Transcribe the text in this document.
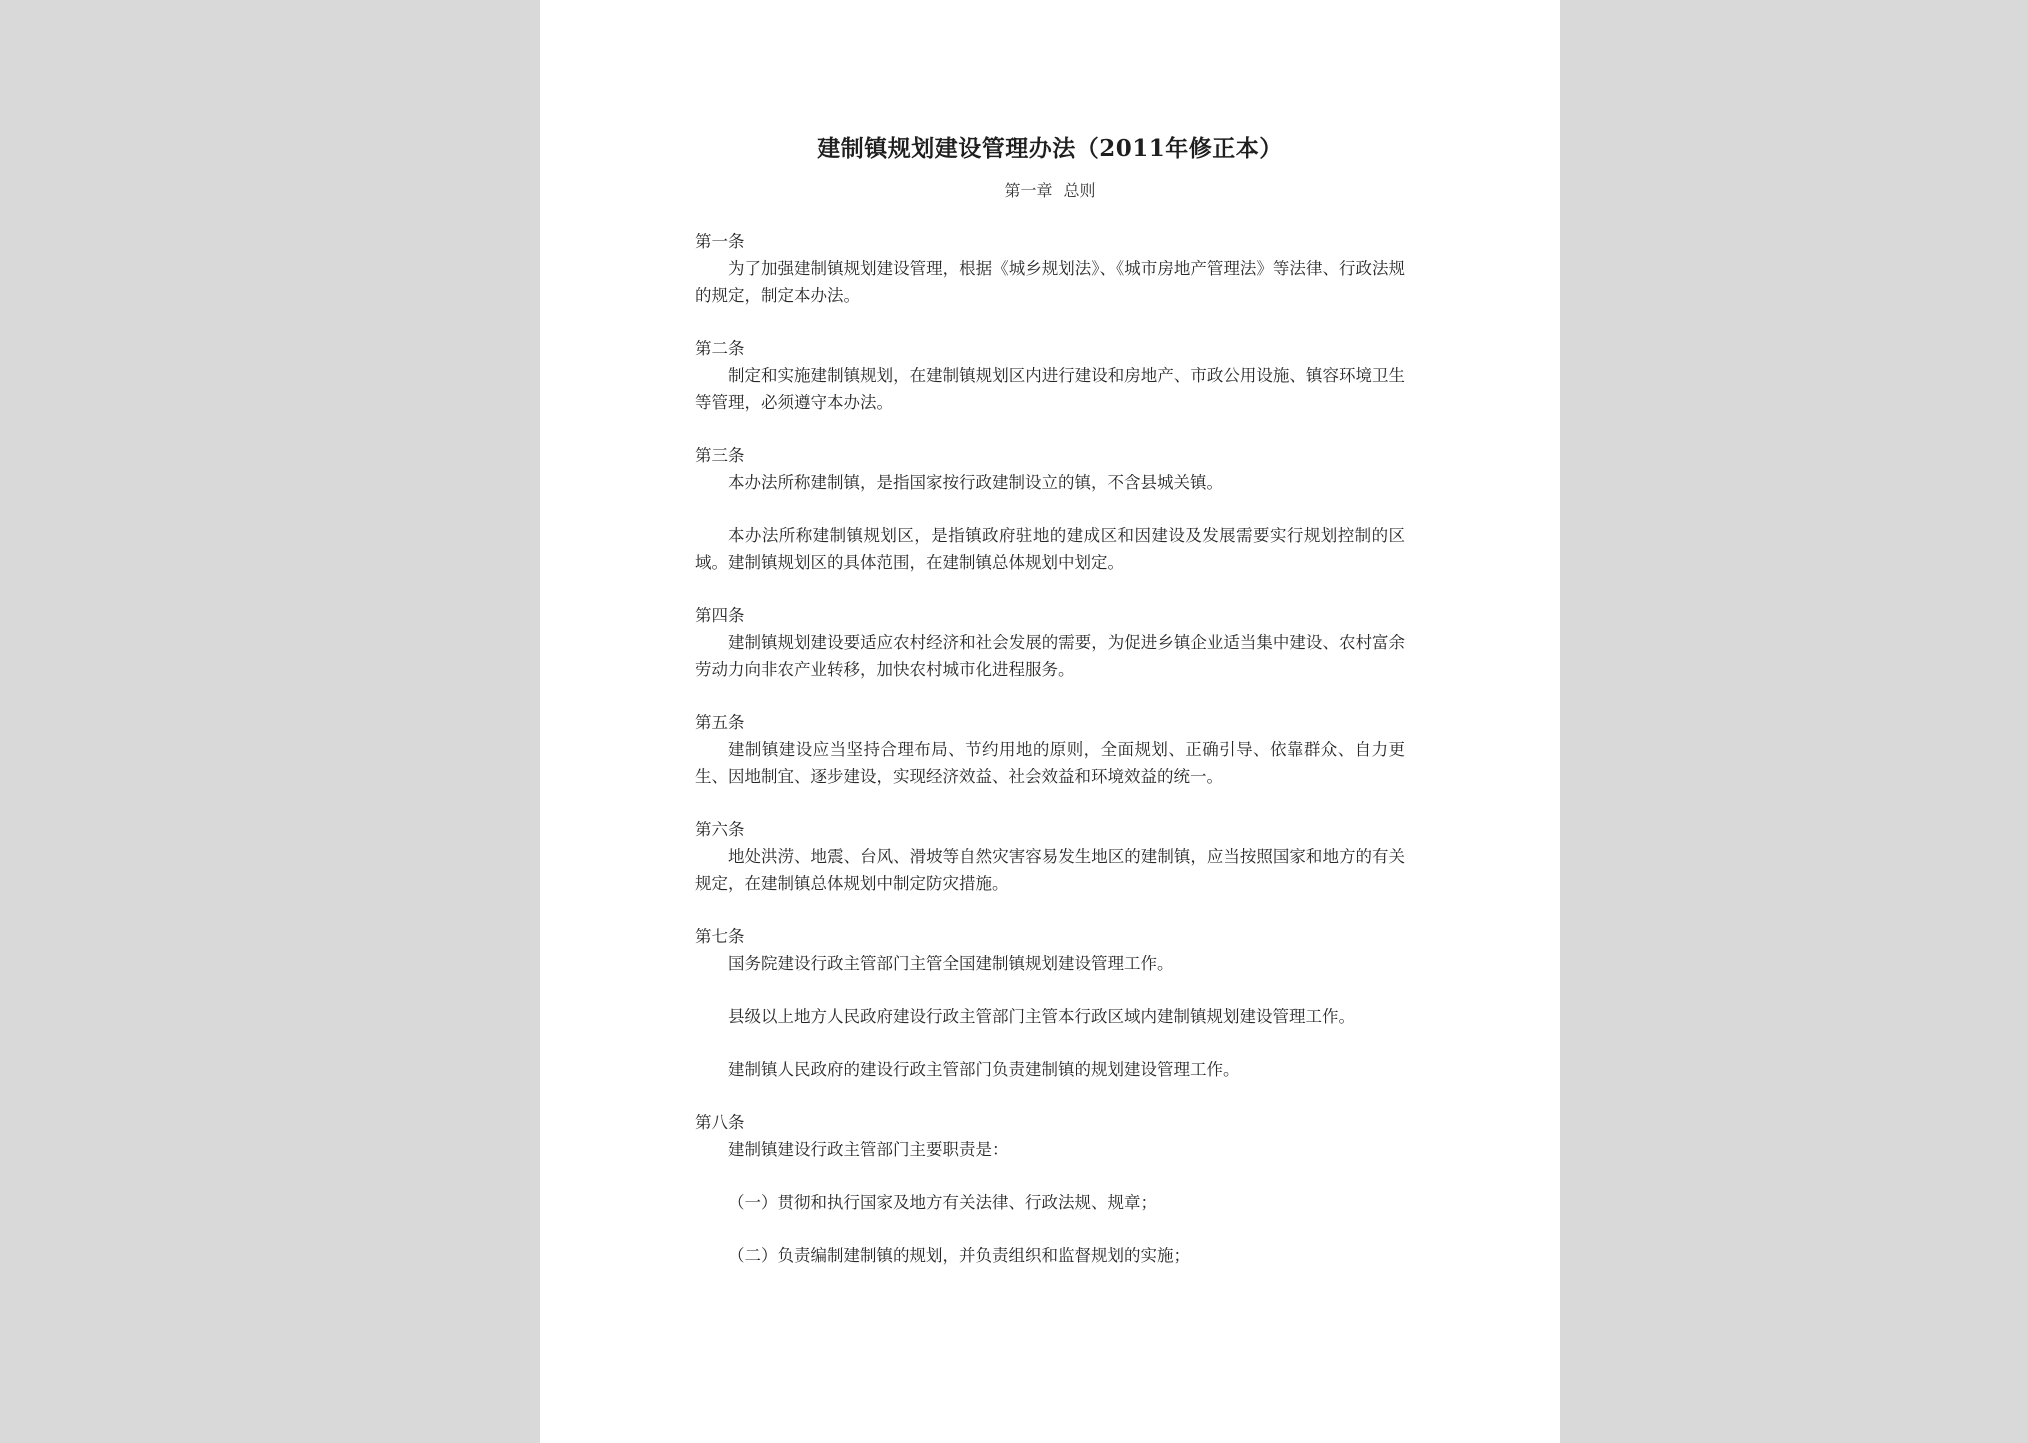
建制镇规划建设管理办法（2011年修正本）
第一章 总则
第一条

为了加强建制镇规划建设管理，根据《城乡规划法》、《城市房地产管理法》等法律、行政法规的规定，制定本办法。

第二条

制定和实施建制镇规划，在建制镇规划区内进行建设和房地产、市政公用设施、镇容环境卫生等管理，必须遵守本办法。

第三条

本办法所称建制镇，是指国家按行政建制设立的镇，不含县城关镇。

本办法所称建制镇规划区，是指镇政府驻地的建成区和因建设及发展需要实行规划控制的区域。建制镇规划区的具体范围，在建制镇总体规划中划定。

第四条

建制镇规划建设要适应农村经济和社会发展的需要，为促进乡镇企业适当集中建设、农村富余劳动力向非农产业转移，加快农村城市化进程服务。

第五条

建制镇建设应当坚持合理布局、节约用地的原则，全面规划、正确引导、依靠群众、自力更生、因地制宜、逐步建设，实现经济效益、社会效益和环境效益的统一。

第六条

地处洪涝、地震、台风、滑坡等自然灾害容易发生地区的建制镇，应当按照国家和地方的有关规定，在建制镇总体规划中制定防灾措施。

第七条

国务院建设行政主管部门主管全国建制镇规划建设管理工作。

县级以上地方人民政府建设行政主管部门主管本行政区域内建制镇规划建设管理工作。

建制镇人民政府的建设行政主管部门负责建制镇的规划建设管理工作。

第八条

建制镇建设行政主管部门主要职责是：

（一）贯彻和执行国家及地方有关法律、行政法规、规章；

（二）负责编制建制镇的规划，并负责组织和监督规划的实施；
